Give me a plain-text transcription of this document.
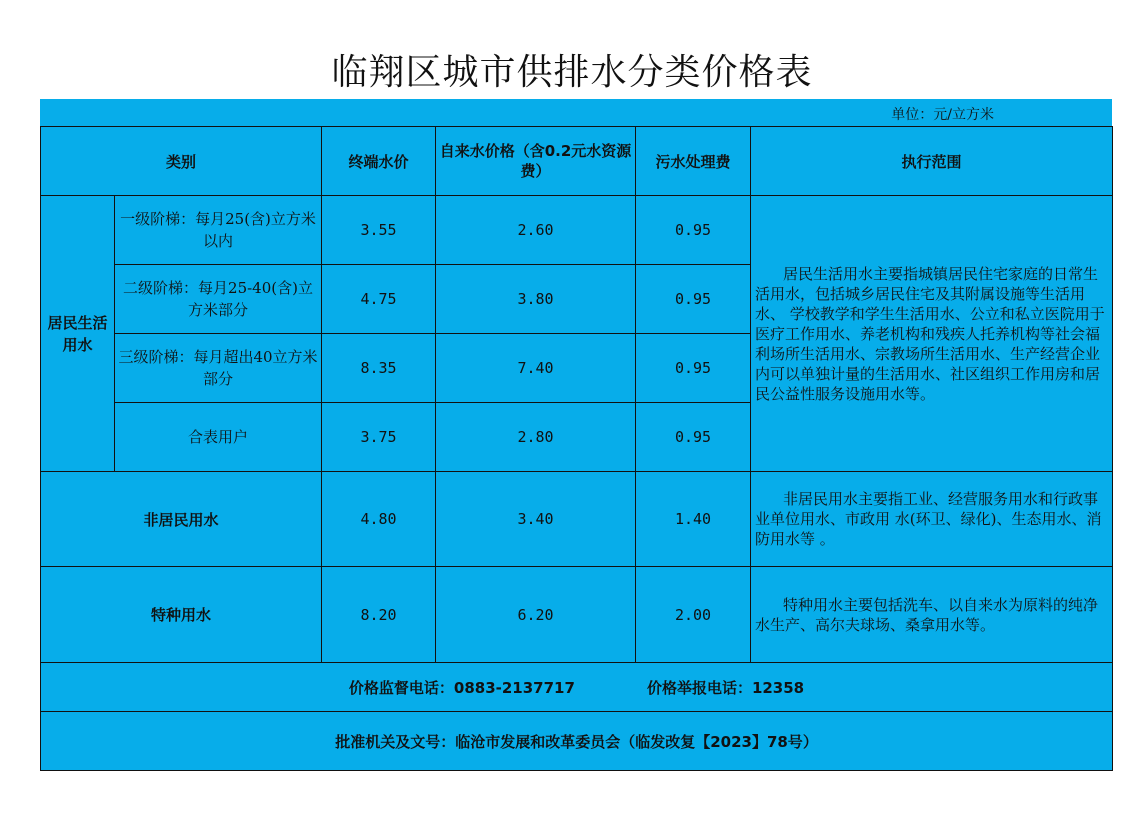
临翔区城市供排水分类价格表
单位：元/立方米
类别		终端水价	自来水价格（含0.2元水资源费）	污水处理费	执行范围
居民生活用水	一级阶梯：每月25(含)立方米以内	3.55	2.60	0.95	居民生活用水主要指城镇居民住宅家庭的日常生活用水，包括城乡居民住宅及其附属设施等生活用水、 学校教学和学生生活用水、公立和私立医院用于医疗工作用水、养老机构和残疾人托养机构等社会福利场所生活用水、宗教场所生活用水、生产经营企业内可以单独计量的生活用水、社区组织工作用房和居民公益性服务设施用水等。
	二级阶梯：每月25-40(含)立方米部分	4.75	3.80	0.95	
	三级阶梯：每月超出40立方米部分	8.35	7.40	0.95	
	合表用户	3.75	2.80	0.95	
非居民用水		4.80	3.40	1.40	非居民用水主要指工业、经营服务用水和行政事业单位用水、市政用 水(环卫、绿化)、生态用水、消防用水等 。
特种用水		8.20	6.20	2.00	特种用水主要包括洗车、以自来水为原料的纯净水生产、高尔夫球场、桑拿用水等。
价格监督电话：0883-2137717 价格举报电话：12358					
批准机关及文号：临沧市发展和改革委员会（临发改复【2023】78号）					
